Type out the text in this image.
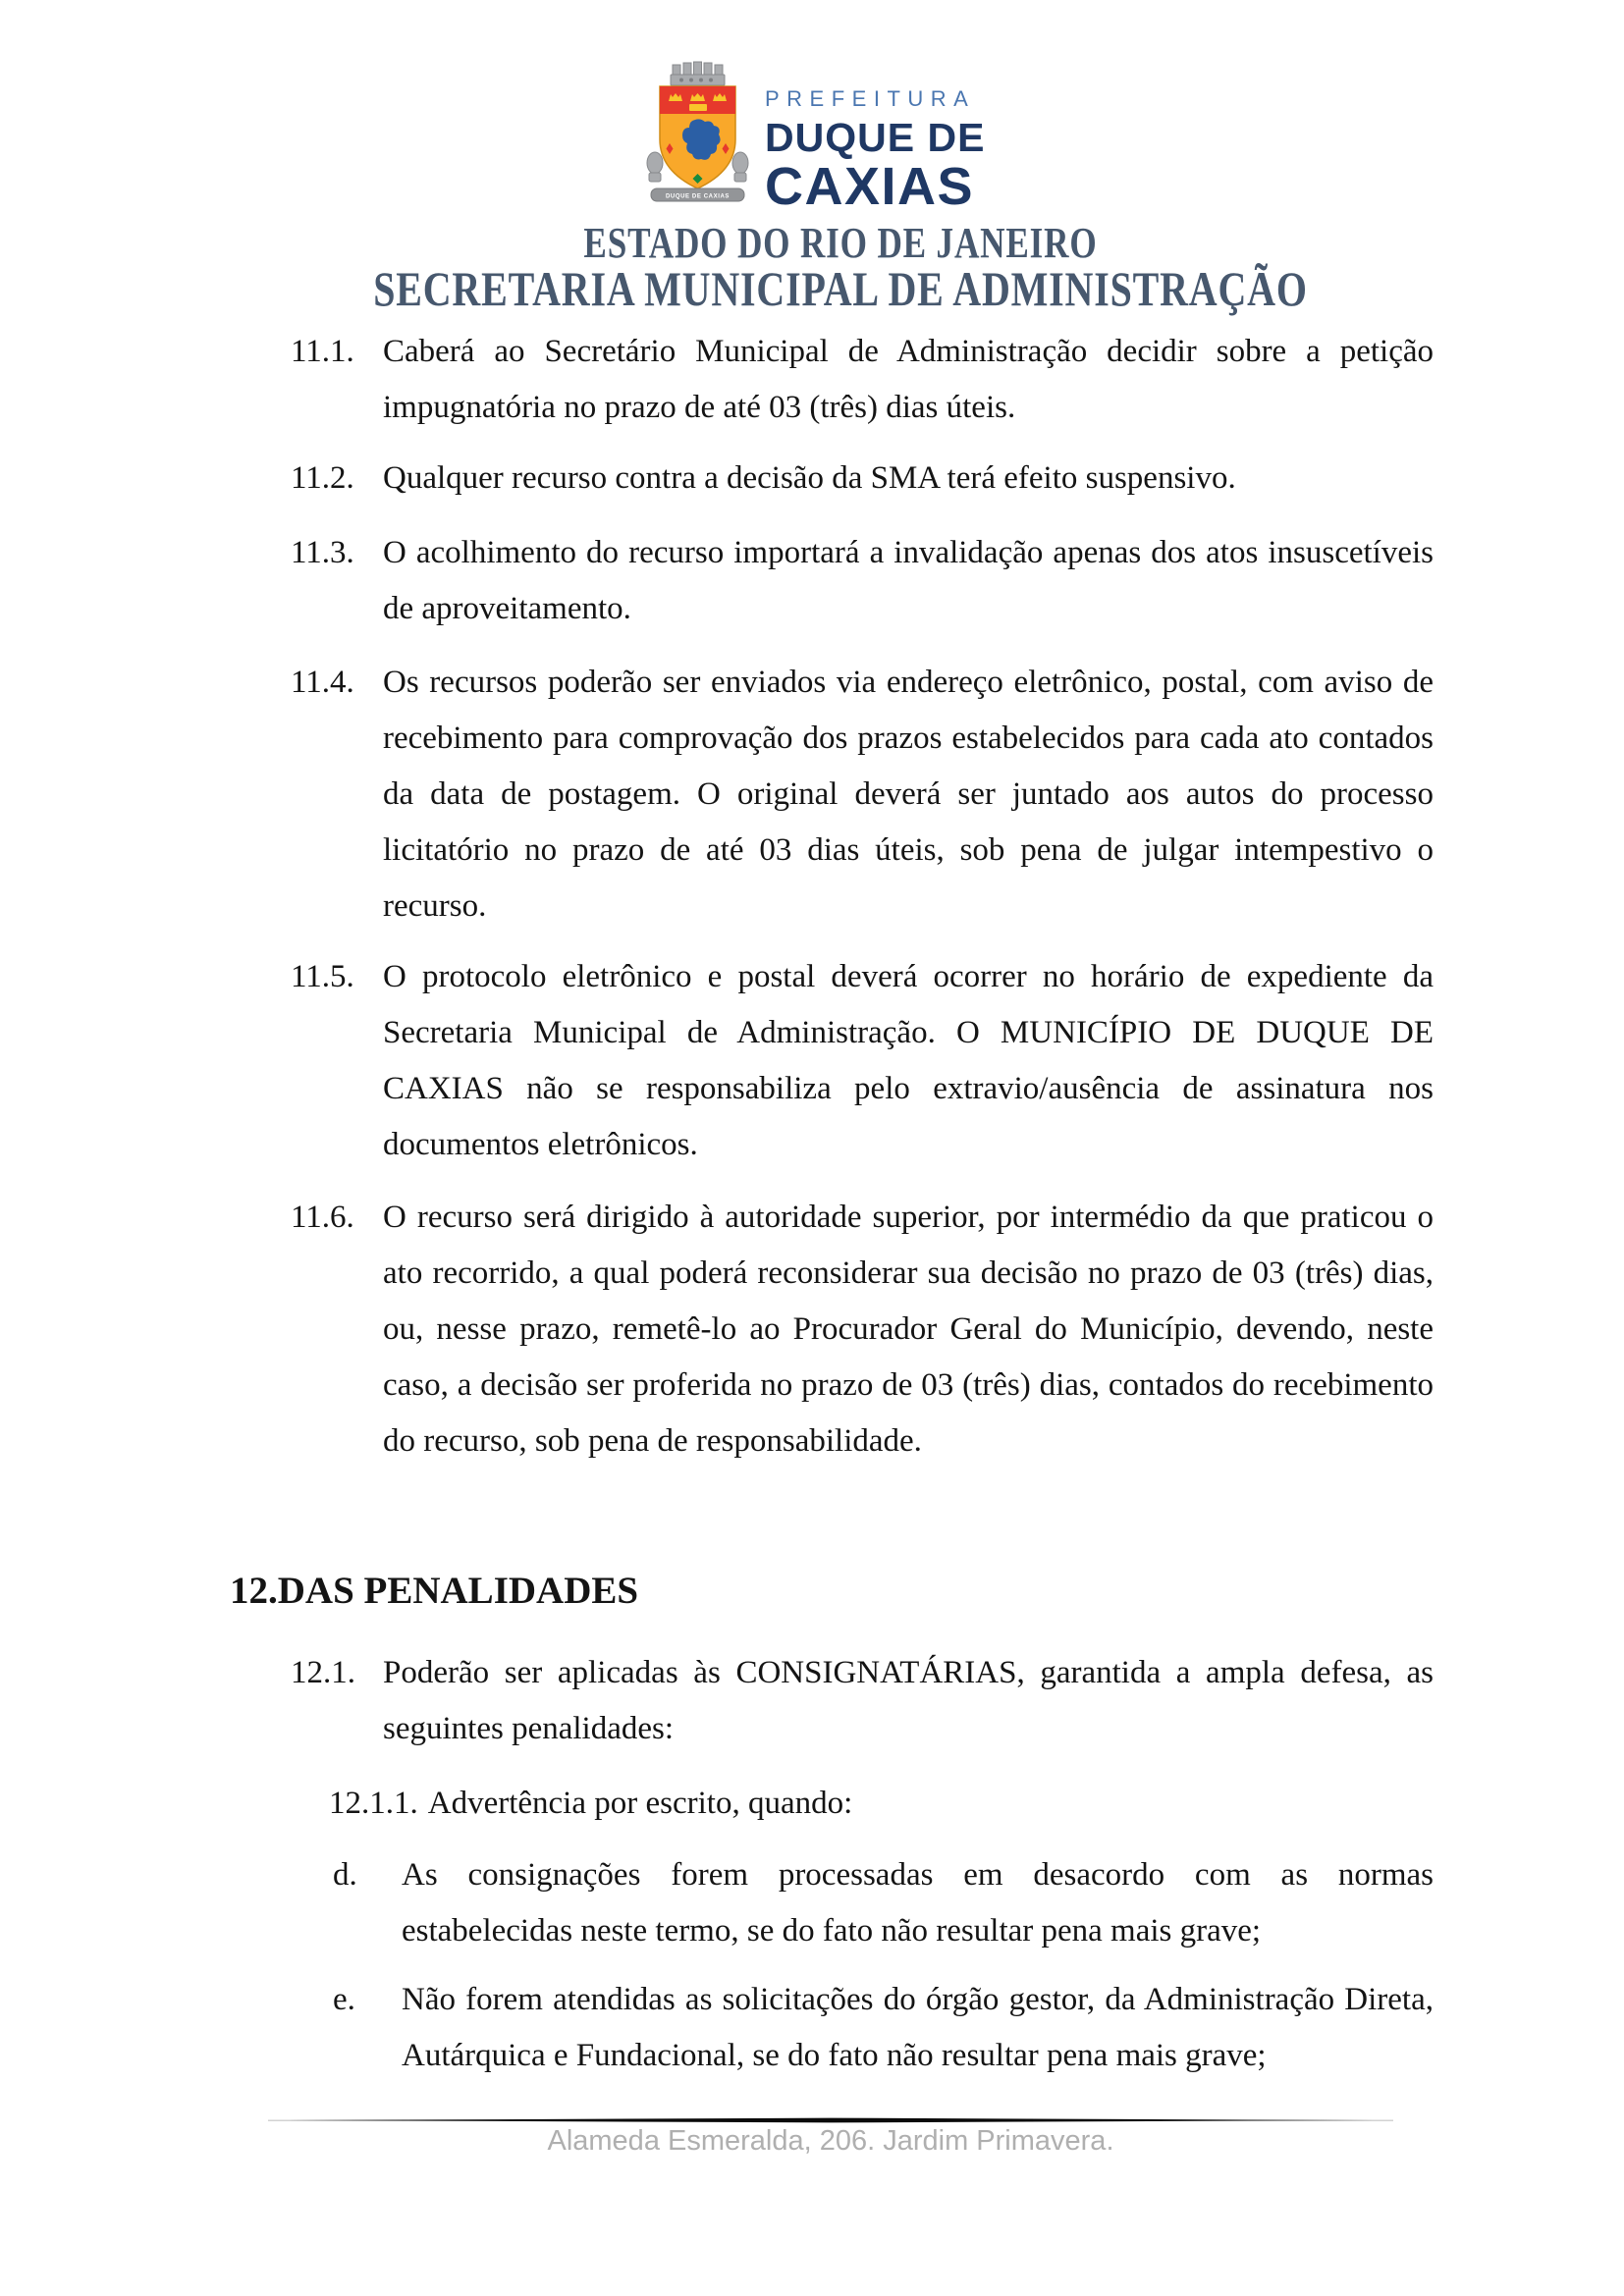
DUQUE DE CAXIAS
PREFEITURA
DUQUE DE
CAXIAS
ESTADO DO RIO DE JANEIRO
SECRETARIA MUNICIPAL DE ADMINISTRAÇÃO
11.1. Caberá ao Secretário Municipal de Administração decidir sobre a petição impugnatória no prazo de até 03 (três) dias úteis.
11.2. Qualquer recurso contra a decisão da SMA terá efeito suspensivo.
11.3. O acolhimento do recurso importará a invalidação apenas dos atos insuscetíveis de aproveitamento.
11.4. Os recursos poderão ser enviados via endereço eletrônico, postal, com aviso de recebimento para comprovação dos prazos estabelecidos para cada ato contados da data de postagem. O original deverá ser juntado aos autos do processo licitatório no prazo de até 03 dias úteis, sob pena de julgar intempestivo o recurso.
11.5. O protocolo eletrônico e postal deverá ocorrer no horário de expediente da Secretaria Municipal de Administração. O MUNICÍPIO DE DUQUE DE CAXIAS não se responsabiliza pelo extravio/ausência de assinatura nos documentos eletrônicos.
11.6. O recurso será dirigido à autoridade superior, por intermédio da que praticou o ato recorrido, a qual poderá reconsiderar sua decisão no prazo de 03 (três) dias, ou, nesse prazo, remetê-lo ao Procurador Geral do Município, devendo, neste caso, a decisão ser proferida no prazo de 03 (três) dias, contados do recebimento do recurso, sob pena de responsabilidade.
12.DAS PENALIDADES
12.1. Poderão ser aplicadas às CONSIGNATÁRIAS, garantida a ampla defesa, as seguintes penalidades:
12.1.1. Advertência por escrito, quando:
d. As consignações forem processadas em desacordo com as normas estabelecidas neste termo, se do fato não resultar pena mais grave;
e. Não forem atendidas as solicitações do órgão gestor, da Administração Direta, Autárquica e Fundacional, se do fato não resultar pena mais grave;
Alameda Esmeralda, 206. Jardim Primavera.
